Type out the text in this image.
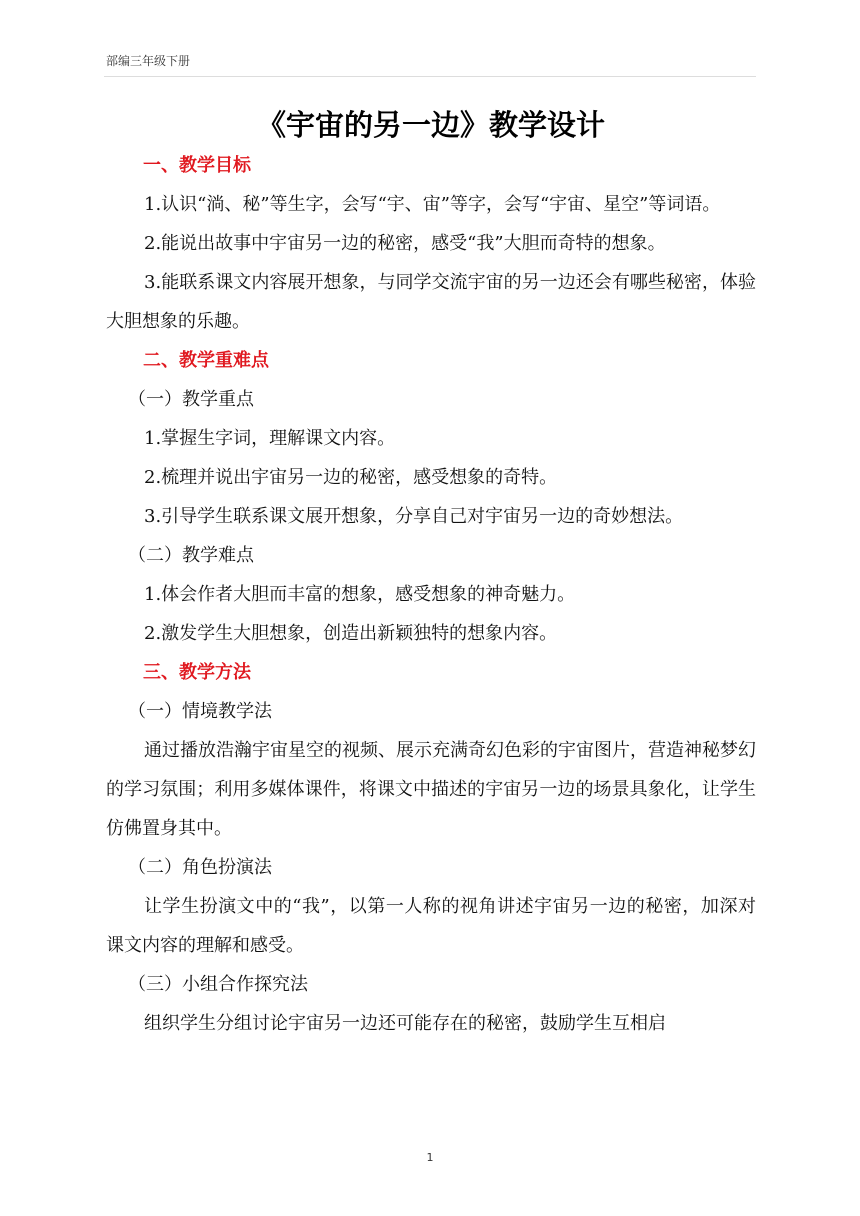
部编三年级下册
《宇宙的另一边》教学设计

一、教学目标

1.认识“淌、秘”等生字，会写“宇、宙”等字，会写“宇宙、星空”等词语。

2.能说出故事中宇宙另一边的秘密，感受“我”大胆而奇特的想象。

3.能联系课文内容展开想象，与同学交流宇宙的另一边还会有哪些秘密，体验大胆想象的乐趣。

二、教学重难点

（一）教学重点

1.掌握生字词，理解课文内容。

2.梳理并说出宇宙另一边的秘密，感受想象的奇特。

3.引导学生联系课文展开想象，分享自己对宇宙另一边的奇妙想法。

（二）教学难点

1.体会作者大胆而丰富的想象，感受想象的神奇魅力。

2.激发学生大胆想象，创造出新颖独特的想象内容。

三、教学方法

（一）情境教学法

通过播放浩瀚宇宙星空的视频、展示充满奇幻色彩的宇宙图片，营造神秘梦幻的学习氛围；利用多媒体课件，将课文中描述的宇宙另一边的场景具象化，让学生仿佛置身其中。

（二）角色扮演法

让学生扮演文中的“我”，以第一人称的视角讲述宇宙另一边的秘密，加深对课文内容的理解和感受。

（三）小组合作探究法

组织学生分组讨论宇宙另一边还可能存在的秘密，鼓励学生互相启

1
